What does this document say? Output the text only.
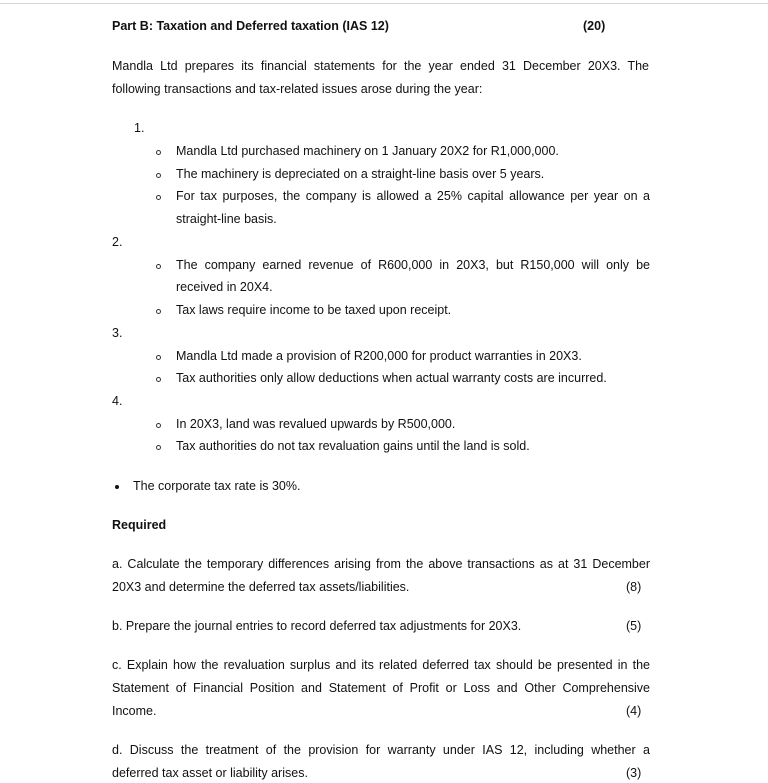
Part B: Taxation and Deferred taxation (IAS 12)	(20)
Mandla Ltd prepares its financial statements for the year ended 31 December 20X3. The
following transactions and tax-related issues arose during the year:
1.
Mandla Ltd purchased machinery on 1 January 20X2 for R1,000,000.
The machinery is depreciated on a straight-line basis over 5 years.
For tax purposes, the company is allowed a 25% capital allowance per year on a
straight-line basis.
2.
The company earned revenue of R600,000 in 20X3, but R150,000 will only be
received in 20X4.
Tax laws require income to be taxed upon receipt.
3.
Mandla Ltd made a provision of R200,000 for product warranties in 20X3.
Tax authorities only allow deductions when actual warranty costs are incurred.
4.
In 20X3, land was revalued upwards by R500,000.
Tax authorities do not tax revaluation gains until the land is sold.
The corporate tax rate is 30%.
Required
a. Calculate the temporary differences arising from the above transactions as at 31 December
20X3 and determine the deferred tax assets/liabilities.	(8)
b. Prepare the journal entries to record deferred tax adjustments for 20X3.	(5)
c. Explain how the revaluation surplus and its related deferred tax should be presented in the
Statement of Financial Position and Statement of Profit or Loss and Other Comprehensive
Income.	(4)
d. Discuss the treatment of the provision for warranty under IAS 12, including whether a
deferred tax asset or liability arises.	(3)
